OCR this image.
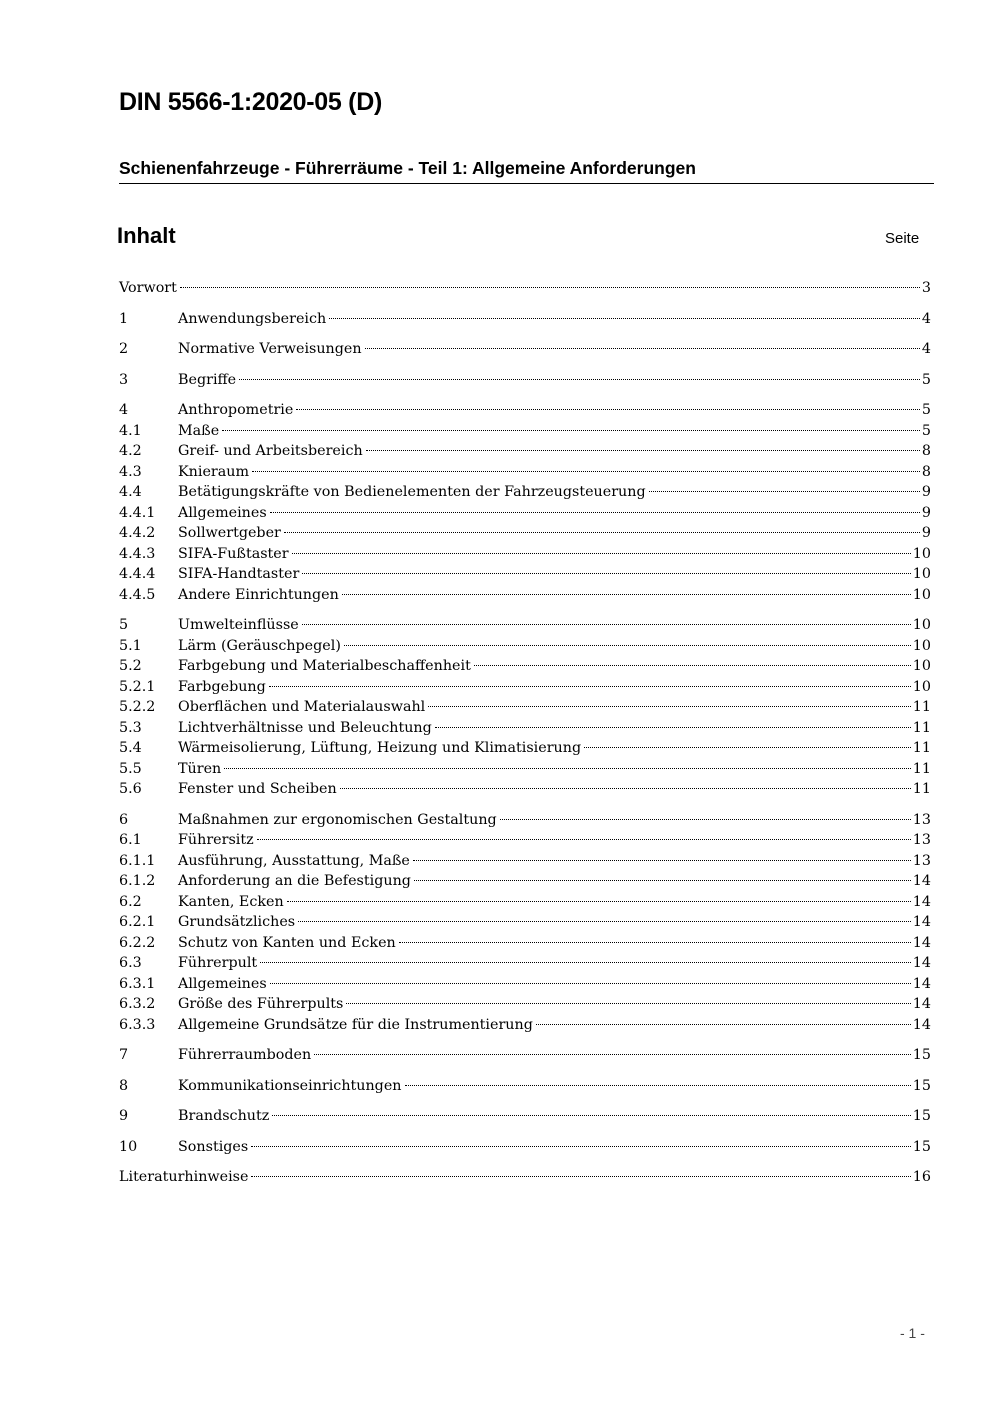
DIN 5566-1:2020-05 (D)
Schienenfahrzeuge - Führerräume - Teil 1: Allgemeine Anforderungen
Inhalt	Seite
Vorwort	3
1	Anwendungsbereich	4
2	Normative Verweisungen	4
3	Begriffe	5
4	Anthropometrie	5
4.1	Maße	5
4.2	Greif- und Arbeitsbereich	8
4.3	Knieraum	8
4.4	Betätigungskräfte von Bedienelementen der Fahrzeugsteuerung	9
4.4.1	Allgemeines	9
4.4.2	Sollwertgeber	9
4.4.3	SIFA-Fußtaster	10
4.4.4	SIFA-Handtaster	10
4.4.5	Andere Einrichtungen	10
5	Umwelteinflüsse	10
5.1	Lärm (Geräuschpegel)	10
5.2	Farbgebung und Materialbeschaffenheit	10
5.2.1	Farbgebung	10
5.2.2	Oberflächen und Materialauswahl	11
5.3	Lichtverhältnisse und Beleuchtung	11
5.4	Wärmeisolierung, Lüftung, Heizung und Klimatisierung	11
5.5	Türen	11
5.6	Fenster und Scheiben	11
6	Maßnahmen zur ergonomischen Gestaltung	13
6.1	Führersitz	13
6.1.1	Ausführung, Ausstattung, Maße	13
6.1.2	Anforderung an die Befestigung	14
6.2	Kanten, Ecken	14
6.2.1	Grundsätzliches	14
6.2.2	Schutz von Kanten und Ecken	14
6.3	Führerpult	14
6.3.1	Allgemeines	14
6.3.2	Größe des Führerpults	14
6.3.3	Allgemeine Grundsätze für die Instrumentierung	14
7	Führerraumboden	15
8	Kommunikationseinrichtungen	15
9	Brandschutz	15
10	Sonstiges	15
Literaturhinweise	16
- 1 -
